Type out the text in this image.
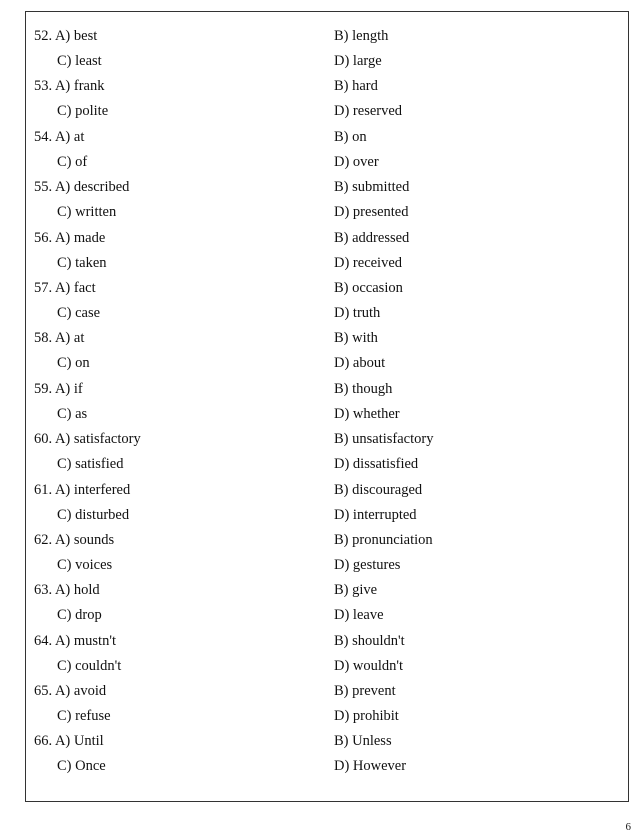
52. A) best	B) length
C) least	D) large
53. A) frank	B) hard
C) polite	D) reserved
54. A) at	B) on
C) of	D) over
55. A) described	B) submitted
C) written	D) presented
56. A) made	B) addressed
C) taken	D) received
57. A) fact	B) occasion
C) case	D) truth
58. A) at	B) with
C) on	D) about
59. A) if	B) though
C) as	D) whether
60. A) satisfactory	B) unsatisfactory
C) satisfied	D) dissatisfied
61. A) interfered	B) discouraged
C) disturbed	D) interrupted
62. A) sounds	B) pronunciation
C) voices	D) gestures
63. A) hold	B) give
C) drop	D) leave
64. A) mustn't	B) shouldn't
C) couldn't	D) wouldn't
65. A) avoid	B) prevent
C) refuse	D) prohibit
66. A) Until	B) Unless
C) Once	D) However
6
